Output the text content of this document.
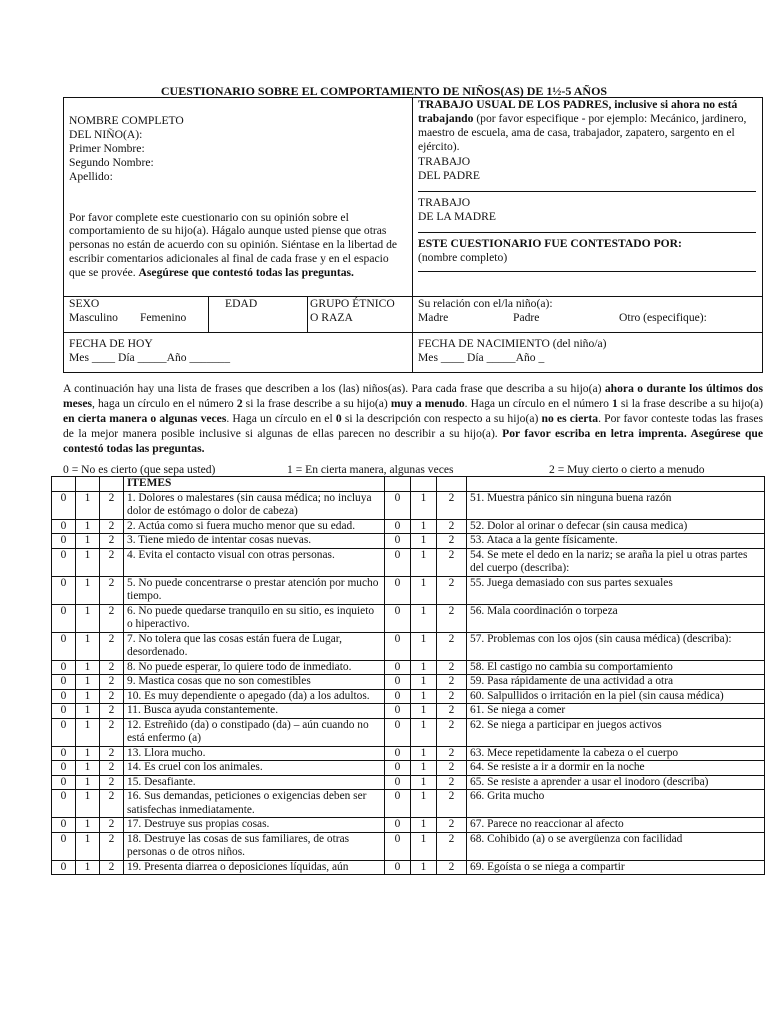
CUESTIONARIO SOBRE EL COMPORTAMIENTO DE NIÑOS(AS) DE 1½-5 AÑOS
NOMBRE COMPLETO
DEL NIÑO(A):
Primer Nombre:
Segundo Nombre:
Apellido:
Por favor complete este cuestionario con su opinión sobre el comportamiento de su hijo(a). Hágalo aunque usted piense que otras personas no están de acuerdo con su opinión. Siéntase en la libertad de escribir comentarios adicionales al final de cada frase y en el espacio que se provée. Asegúrese que contestó todas las preguntas.
TRABAJO USUAL DE LOS PADRES, inclusive si ahora no está trabajando (por favor especifique - por ejemplo: Mecánico, jardinero, maestro de escuela, ama de casa, trabajador, zapatero, sargento en el ejército).
TRABAJO
DEL PADRE
TRABAJO
DE LA MADRE
ESTE CUESTIONARIO FUE CONTESTADO POR:
(nombre completo)
SEXO
Masculino Femenino
EDAD	GRUPO ÉTNICO
O RAZA
Su relación con el/la niño(a):
Madre	Padre	Otro (especifique):
FECHA DE HOY
Mes ____ Día _____Año _______
FECHA DE NACIMIENTO (del niño/a)
Mes ____ Día _____Año _
A continuación hay una lista de frases que describen a los (las) niños(as). Para cada frase que describa a su hijo(a) ahora o durante los últimos dos meses, haga un círculo en el número 2 si la frase describe a su hijo(a) muy a menudo. Haga un círculo en el número 1 si la frase describe a su hijo(a) en cierta manera o algunas veces. Haga un círculo en el 0 si la descripción con respecto a su hijo(a) no es cierta. Por favor conteste todas las frases de la mejor manera posible inclusive si algunas de ellas parecen no describir a su hijo(a). Por favor escriba en letra imprenta. Asegúrese que contestó todas las preguntas.
0 = No es cierto (que sepa usted)	1 = En cierta manera, algunas veces	2 = Muy cierto o cierto a menudo
			ITEMES				
0	1	2	1. Dolores o malestares (sin causa médica; no incluya dolor de estómago o dolor de cabeza)	0	1	2	51. Muestra pánico sin ninguna buena razón
0	1	2	2. Actúa como si fuera mucho menor que su edad.	0	1	2	52. Dolor al orinar o defecar (sin causa medica)
0	1	2	3. Tiene miedo de intentar cosas nuevas.	0	1	2	53. Ataca a la gente físicamente.
0	1	2	4. Evita el contacto visual con otras personas.	0	1	2	54. Se mete el dedo en la nariz; se araña la piel u otras partes del cuerpo (describa):
0	1	2	5. No puede concentrarse o prestar atención por mucho tiempo.	0	1	2	55. Juega demasiado con sus partes sexuales
0	1	2	6. No puede quedarse tranquilo en su sitio, es inquieto o hiperactivo.	0	1	2	56. Mala coordinación o torpeza
0	1	2	7. No tolera que las cosas están fuera de Lugar, desordenado.	0	1	2	57. Problemas con los ojos (sin causa médica) (describa):
0	1	2	8. No puede esperar, lo quiere todo de inmediato.	0	1	2	58. El castigo no cambia su comportamiento
0	1	2	9. Mastica cosas que no son comestibles	0	1	2	59. Pasa rápidamente de una actividad a otra
0	1	2	10. Es muy dependiente o apegado (da) a los adultos.	0	1	2	60. Salpullidos o irritación en la piel (sin causa médica)
0	1	2	11. Busca ayuda constantemente.	0	1	2	61. Se niega a comer
0	1	2	12. Estreñido (da) o constipado (da) – aún cuando no está enfermo (a)	0	1	2	62. Se niega a participar en juegos activos
0	1	2	13. Llora mucho.	0	1	2	63. Mece repetidamente la cabeza o el cuerpo
0	1	2	14. Es cruel con los animales.	0	1	2	64. Se resiste a ir a dormir en la noche
0	1	2	15. Desafiante.	0	1	2	65. Se resiste a aprender a usar el inodoro (describa)
0	1	2	16. Sus demandas, peticiones o exigencias deben ser satisfechas inmediatamente.	0	1	2	66. Grita mucho
0	1	2	17. Destruye sus propias cosas.	0	1	2	67. Parece no reaccionar al afecto
0	1	2	18. Destruye las cosas de sus familiares, de otras personas o de otros niños.	0	1	2	68. Cohibido (a) o se avergüenza con facilidad
0	1	2	19. Presenta diarrea o deposiciones líquidas, aún	0	1	2	69. Egoísta o se niega a compartir
